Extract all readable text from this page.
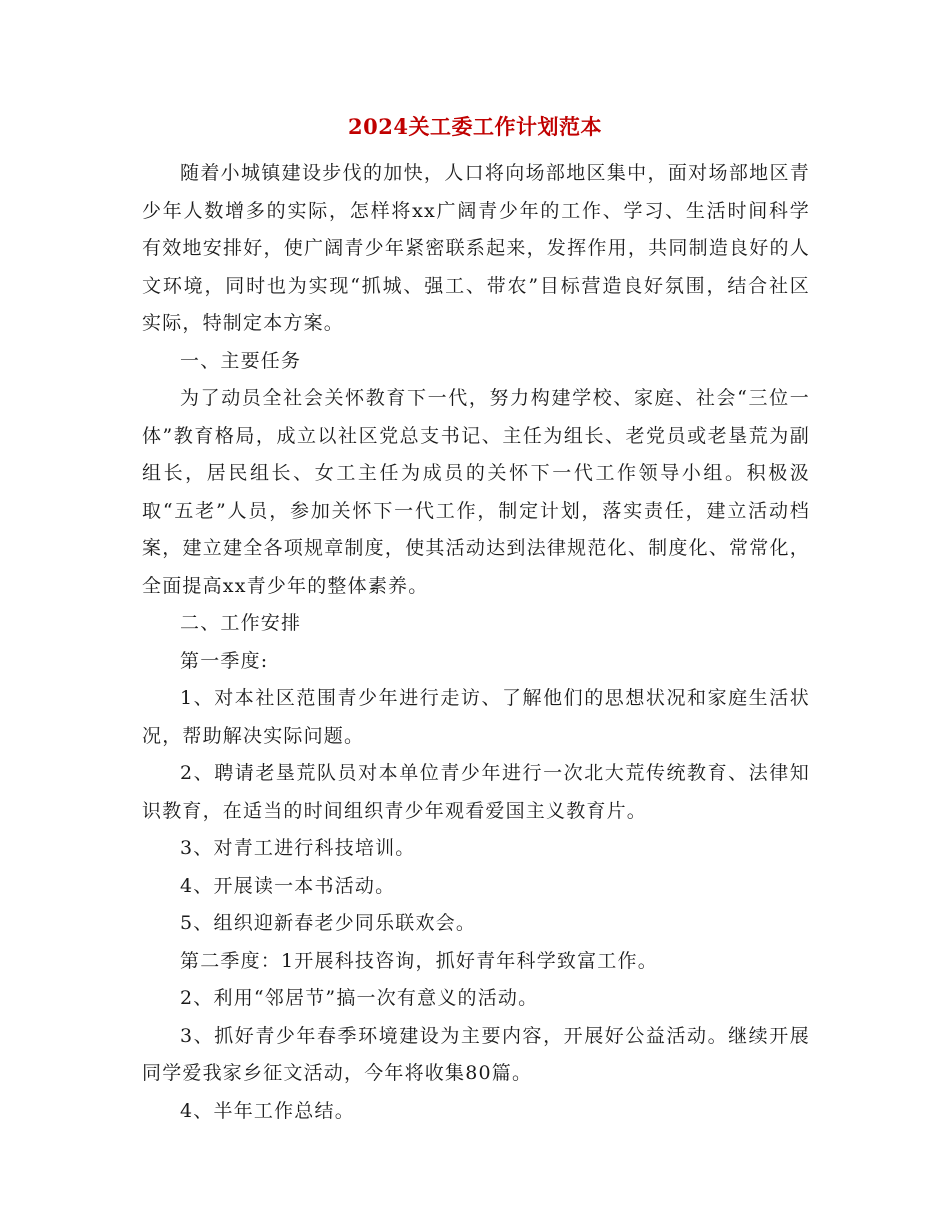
2024关工委工作计划范本

随着小城镇建设步伐的加快，人口将向场部地区集中，面对场部地区青少年人数增多的实际，怎样将xx广阔青少年的工作、学习、生活时间科学有效地安排好，使广阔青少年紧密联系起来，发挥作用，共同制造良好的人文环境，同时也为实现“抓城、强工、带农”目标营造良好氛围，结合社区实际，特制定本方案。

一、主要任务

为了动员全社会关怀教育下一代，努力构建学校、家庭、社会“三位一体”教育格局，成立以社区党总支书记、主任为组长、老党员或老垦荒为副组长，居民组长、女工主任为成员的关怀下一代工作领导小组。积极汲取“五老”人员，参加关怀下一代工作，制定计划，落实责任，建立活动档案，建立建全各项规章制度，使其活动达到法律规范化、制度化、常常化，全面提高xx青少年的整体素养。

二、工作安排

第一季度:

1、对本社区范围青少年进行走访、了解他们的思想状况和家庭生活状况，帮助解决实际问题。

2、聘请老垦荒队员对本单位青少年进行一次北大荒传统教育、法律知识教育，在适当的时间组织青少年观看爱国主义教育片。

3、对青工进行科技培训。

4、开展读一本书活动。

5、组织迎新春老少同乐联欢会。

第二季度：1开展科技咨询，抓好青年科学致富工作。

2、利用“邻居节”搞一次有意义的活动。

3、抓好青少年春季环境建设为主要内容，开展好公益活动。继续开展同学爱我家乡征文活动，今年将收集80篇。

4、半年工作总结。
